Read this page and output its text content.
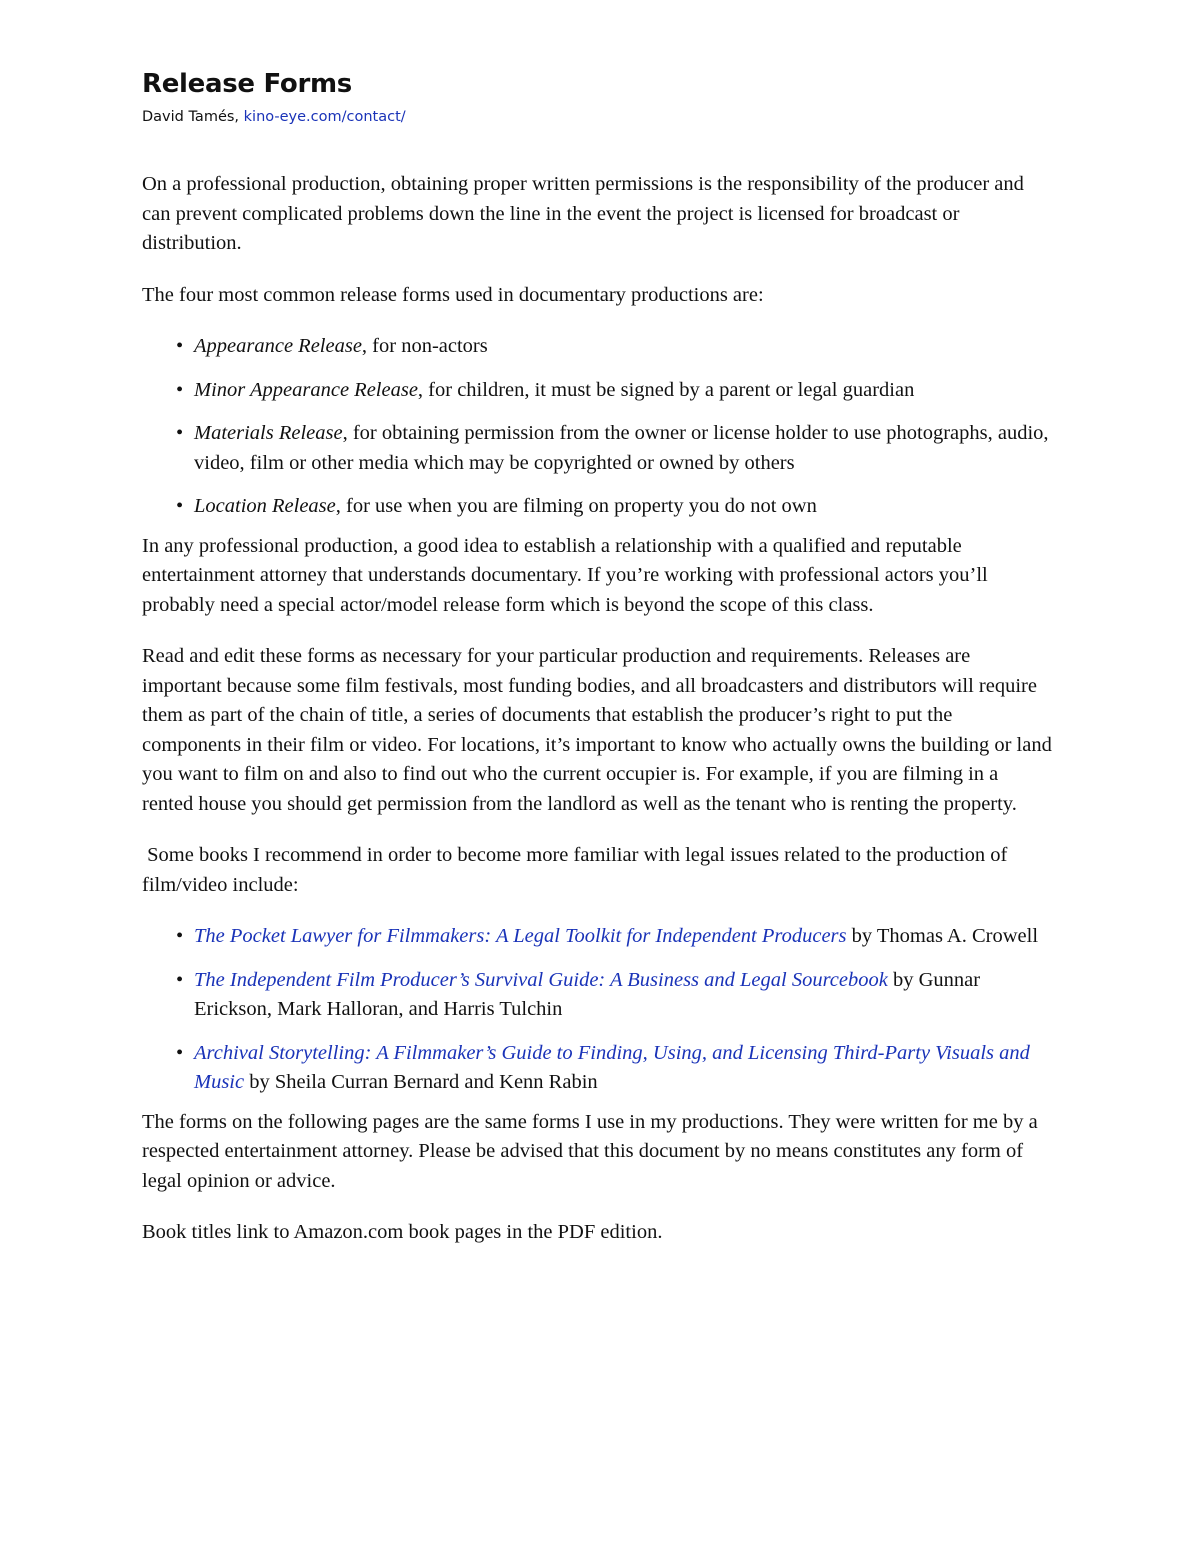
Release Forms
David Tamés, kino-eye.com/contact/

On a professional production, obtaining proper written permissions is the responsibility of the producer and can prevent complicated problems down the line in the event the project is licensed for broadcast or distribution.

The four most common release forms used in documentary productions are:

• Appearance Release, for non-actors
• Minor Appearance Release, for children, it must be signed by a parent or legal guardian
• Materials Release, for obtaining permission from the owner or license holder to use photographs, audio, video, film or other media which may be copyrighted or owned by others
• Location Release, for use when you are filming on property you do not own

In any professional production, a good idea to establish a relationship with a qualified and reputable entertainment attorney that understands documentary. If you’re working with professional actors you’ll probably need a special actor/model release form which is beyond the scope of this class.

Read and edit these forms as necessary for your particular production and requirements. Releases are important because some film festivals, most funding bodies, and all broadcasters and distributors will require them as part of the chain of title, a series of documents that establish the producer’s right to put the components in their film or video. For locations, it’s important to know who actually owns the building or land you want to film on and also to find out who the current occupier is. For example, if you are filming in a rented house you should get permission from the landlord as well as the tenant who is renting the property.

Some books I recommend in order to become more familiar with legal issues related to the production of film/video include:

• The Pocket Lawyer for Filmmakers: A Legal Toolkit for Independent Producers by Thomas A. Crowell
• The Independent Film Producer’s Survival Guide: A Business and Legal Sourcebook by Gunnar Erickson, Mark Halloran, and Harris Tulchin
• Archival Storytelling: A Filmmaker’s Guide to Finding, Using, and Licensing Third-Party Visuals and Music by Sheila Curran Bernard and Kenn Rabin

The forms on the following pages are the same forms I use in my productions. They were written for me by a respected entertainment attorney. Please be advised that this document by no means constitutes any form of legal opinion or advice.

Book titles link to Amazon.com book pages in the PDF edition.
